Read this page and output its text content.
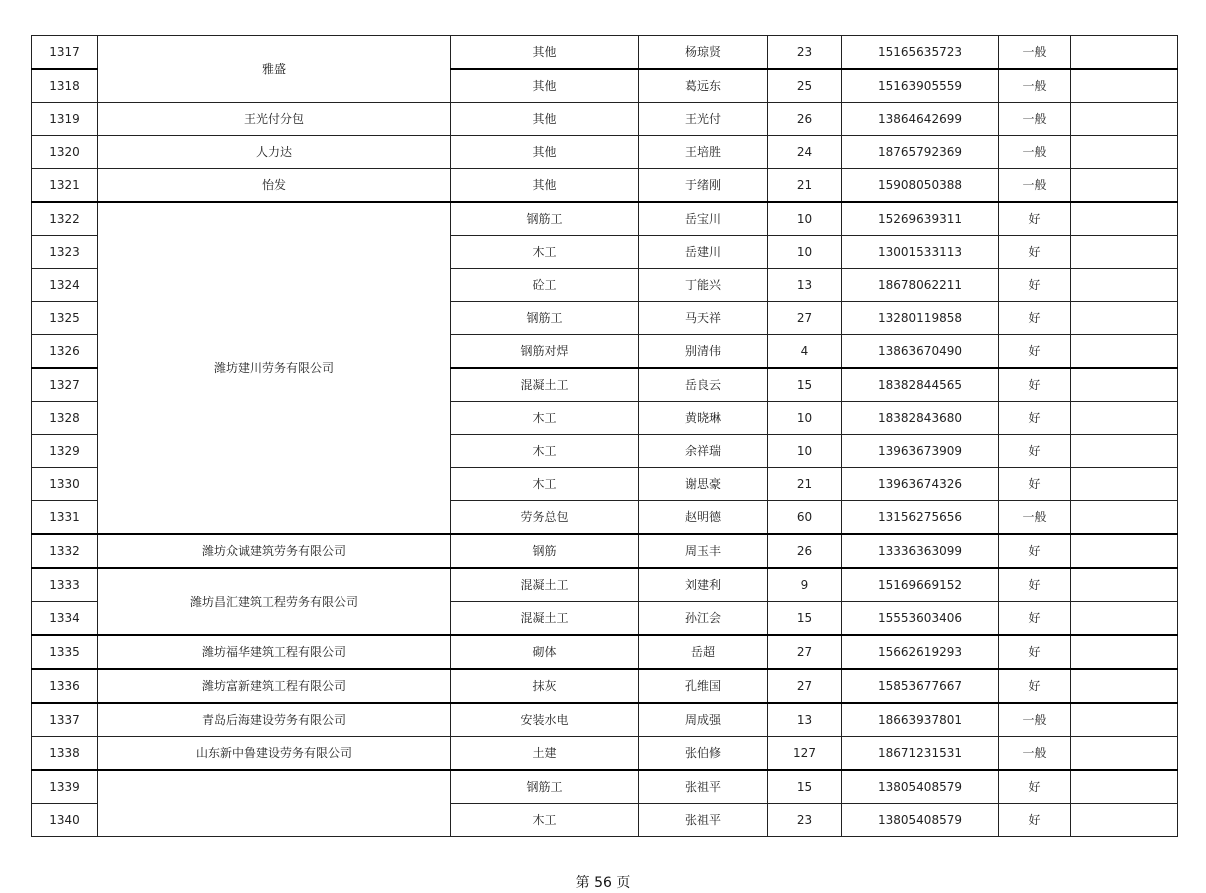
1317	雅盛	其他	杨琼贤	23	15165635723	一般	
1318		其他	葛远东	25	15163905559	一般	
1319	王光付分包	其他	王光付	26	13864642699	一般	
1320	人力达	其他	王培胜	24	18765792369	一般	
1321	怡发	其他	于绪刚	21	15908050388	一般	
1322	潍坊建川劳务有限公司	钢筋工	岳宝川	10	15269639311	好	
1323		木工	岳建川	10	13001533113	好	
1324		砼工	丁能兴	13	18678062211	好	
1325		钢筋工	马天祥	27	13280119858	好	
1326		钢筋对焊	别清伟	4	13863670490	好	
1327		混凝土工	岳良云	15	18382844565	好	
1328		木工	黄晓琳	10	18382843680	好	
1329		木工	余祥瑞	10	13963673909	好	
1330		木工	谢思豪	21	13963674326	好	
1331		劳务总包	赵明德	60	13156275656	一般	
1332	潍坊众诚建筑劳务有限公司	钢筋	周玉丰	26	13336363099	好	
1333	潍坊昌汇建筑工程劳务有限公司	混凝土工	刘建利	9	15169669152	好	
1334		混凝土工	孙江会	15	15553603406	好	
1335	潍坊福华建筑工程有限公司	砌体	岳超	27	15662619293	好	
1336	潍坊富新建筑工程有限公司	抹灰	孔维国	27	15853677667	好	
1337	青岛后海建设劳务有限公司	安装水电	周成强	13	18663937801	一般	
1338	山东新中鲁建设劳务有限公司	土建	张伯修	127	18671231531	一般	
1339		钢筋工	张祖平	15	13805408579	好	
1340		木工	张祖平	23	13805408579	好	
第 56 页
